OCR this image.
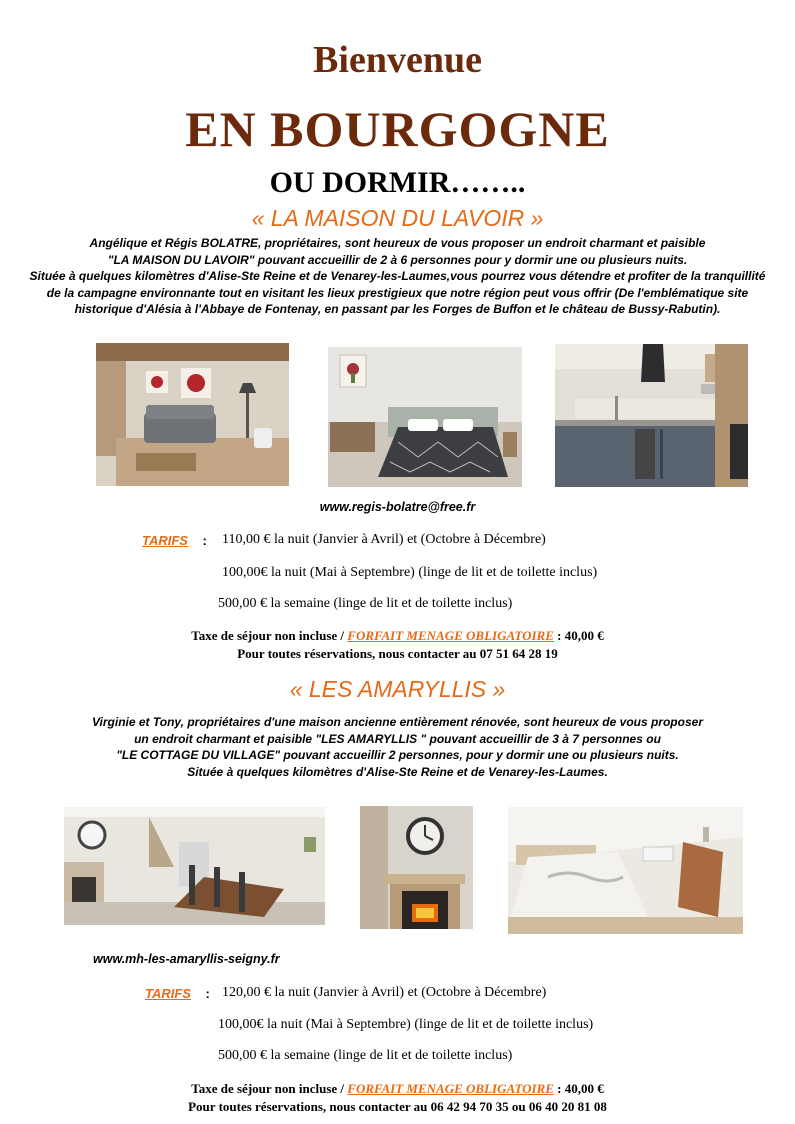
Bienvenue
EN BOURGOGNE
OU DORMIR……..
« LA MAISON DU LAVOIR »

Angélique et Régis BOLATRE, propriétaires, sont heureux de vous proposer un endroit charmant et paisible

"LA MAISON DU LAVOIR" pouvant accueillir de 2 à 6 personnes pour y dormir une ou plusieurs nuits.

Située à quelques kilomètres d'Alise-Ste Reine et de Venarey-les-Laumes,vous pourrez vous détendre et profiter de la tranquillité

de la campagne environnante tout en visitant les lieux prestigieux que notre région peut vous offrir (De l'emblématique site

historique d'Alésia à l'Abbaye de Fontenay, en passant par les Forges de Buffon et le château de Bussy-Rabutin).

www.regis-bolatre@free.fr
TARIFS : 110,00 € la nuit (Janvier à Avril) et (Octobre à Décembre)
100,00€ la nuit (Mai à Septembre) (linge de lit et de toilette inclus)
500,00 € la semaine (linge de lit et de toilette inclus)
Taxe de séjour non incluse / FORFAIT MENAGE OBLIGATOIRE : 40,00 €
Pour toutes réservations, nous contacter au 07 51 64 28 19
« LES AMARYLLIS »

Virginie et Tony, propriétaires d'une maison ancienne entièrement rénovée, sont heureux de vous proposer

un endroit charmant et paisible "LES AMARYLLIS " pouvant accueillir de 3 à 7 personnes ou

"LE COTTAGE DU VILLAGE" pouvant accueillir 2 personnes, pour y dormir une ou plusieurs nuits.

Située à quelques kilomètres d'Alise-Ste Reine et de Venarey-les-Laumes.

www.mh-les-amaryllis-seigny.fr
TARIFS : 120,00 € la nuit (Janvier à Avril) et (Octobre à Décembre)
100,00€ la nuit (Mai à Septembre) (linge de lit et de toilette inclus)
500,00 € la semaine (linge de lit et de toilette inclus)
Taxe de séjour non incluse / FORFAIT MENAGE OBLIGATOIRE : 40,00 €
Pour toutes réservations, nous contacter au 06 42 94 70 35 ou 06 40 20 81 08
